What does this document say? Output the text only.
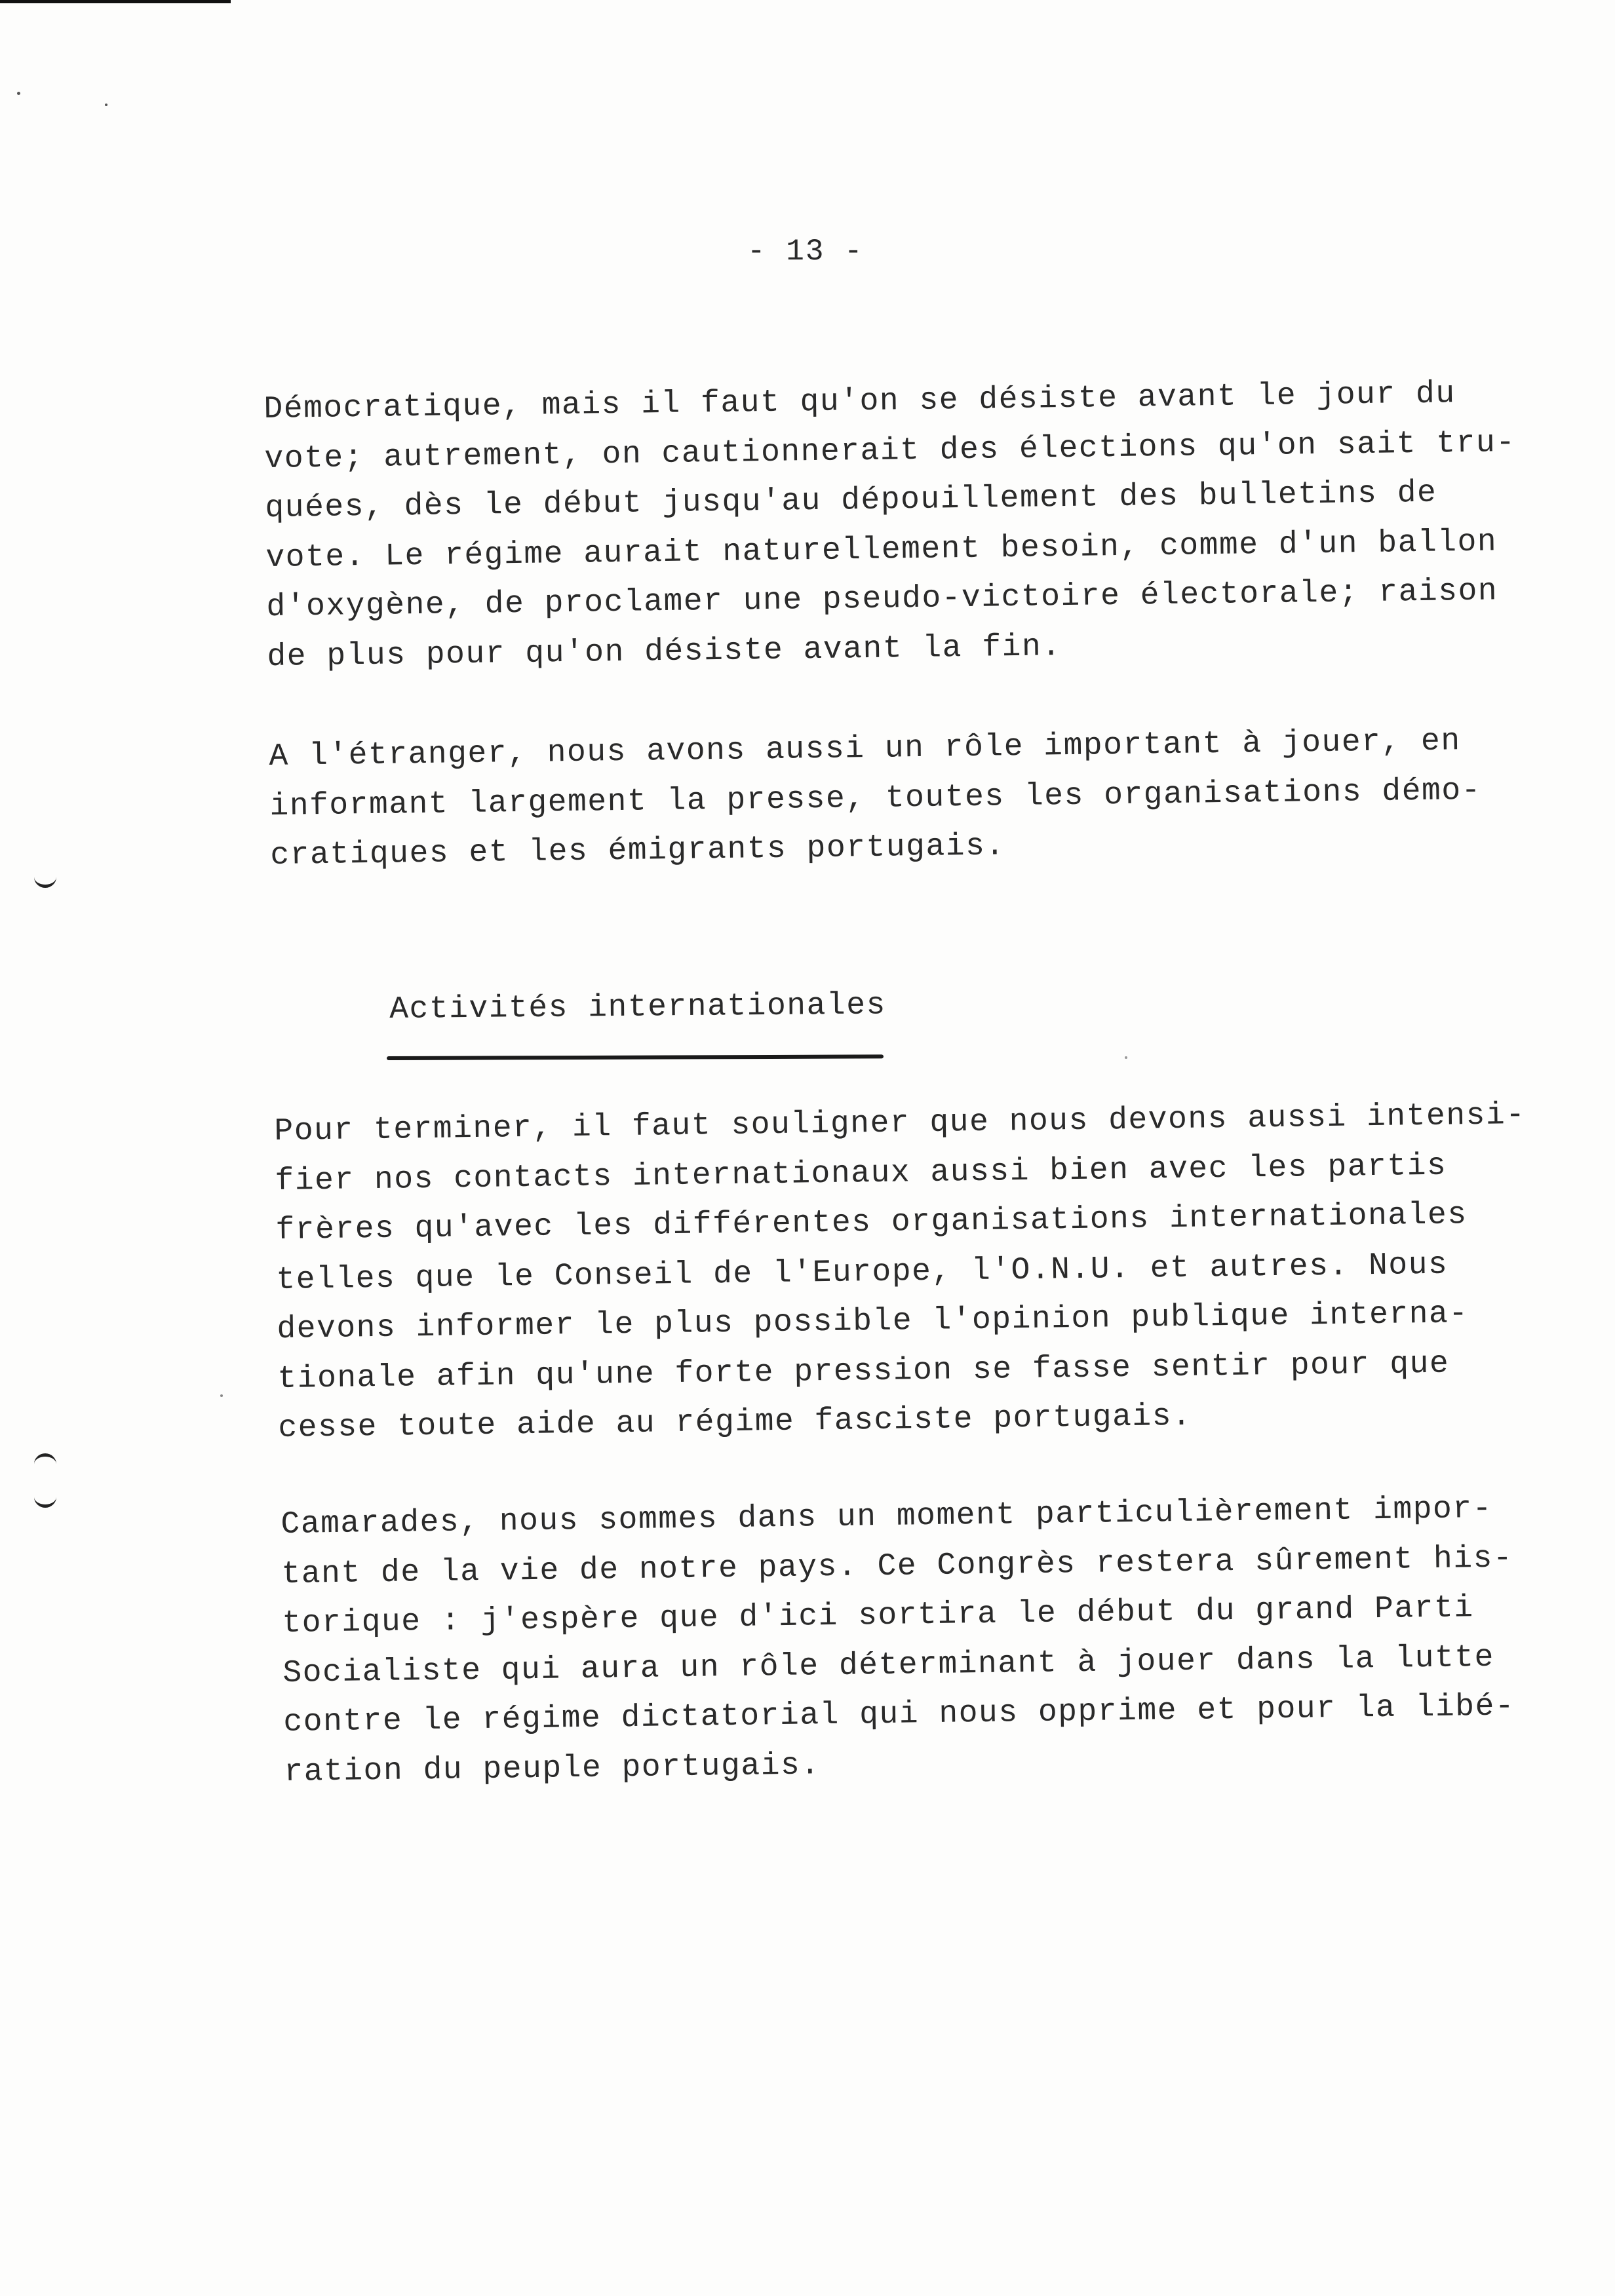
- 13 -

Démocratique, mais il faut qu'on se désiste avant le jour du
vote; autrement, on cautionnerait des élections qu'on sait tru-
quées, dès le début jusqu'au dépouillement des bulletins de
vote. Le régime aurait naturellement besoin, comme d'un ballon
d'oxygène, de proclamer une pseudo-victoire électorale; raison
de plus pour qu'on désiste avant la fin.

A l'étranger, nous avons aussi un rôle important à jouer, en
informant largement la presse, toutes les organisations démo-
cratiques et les émigrants portugais.

Activités internationales

Pour terminer, il faut souligner que nous devons aussi intensi-
fier nos contacts internationaux aussi bien avec les partis
frères qu'avec les différentes organisations internationales
telles que le Conseil de l'Europe, l'O.N.U. et autres. Nous
devons informer le plus possible l'opinion publique interna-
tionale afin qu'une forte pression se fasse sentir pour que
cesse toute aide au régime fasciste portugais.

Camarades, nous sommes dans un moment particulièrement impor-
tant de la vie de notre pays. Ce Congrès restera sûrement his-
torique : j'espère que d'ici sortira le début du grand Parti
Socialiste qui aura un rôle déterminant à jouer dans la lutte
contre le régime dictatorial qui nous opprime et pour la libé-
ration du peuple portugais.
